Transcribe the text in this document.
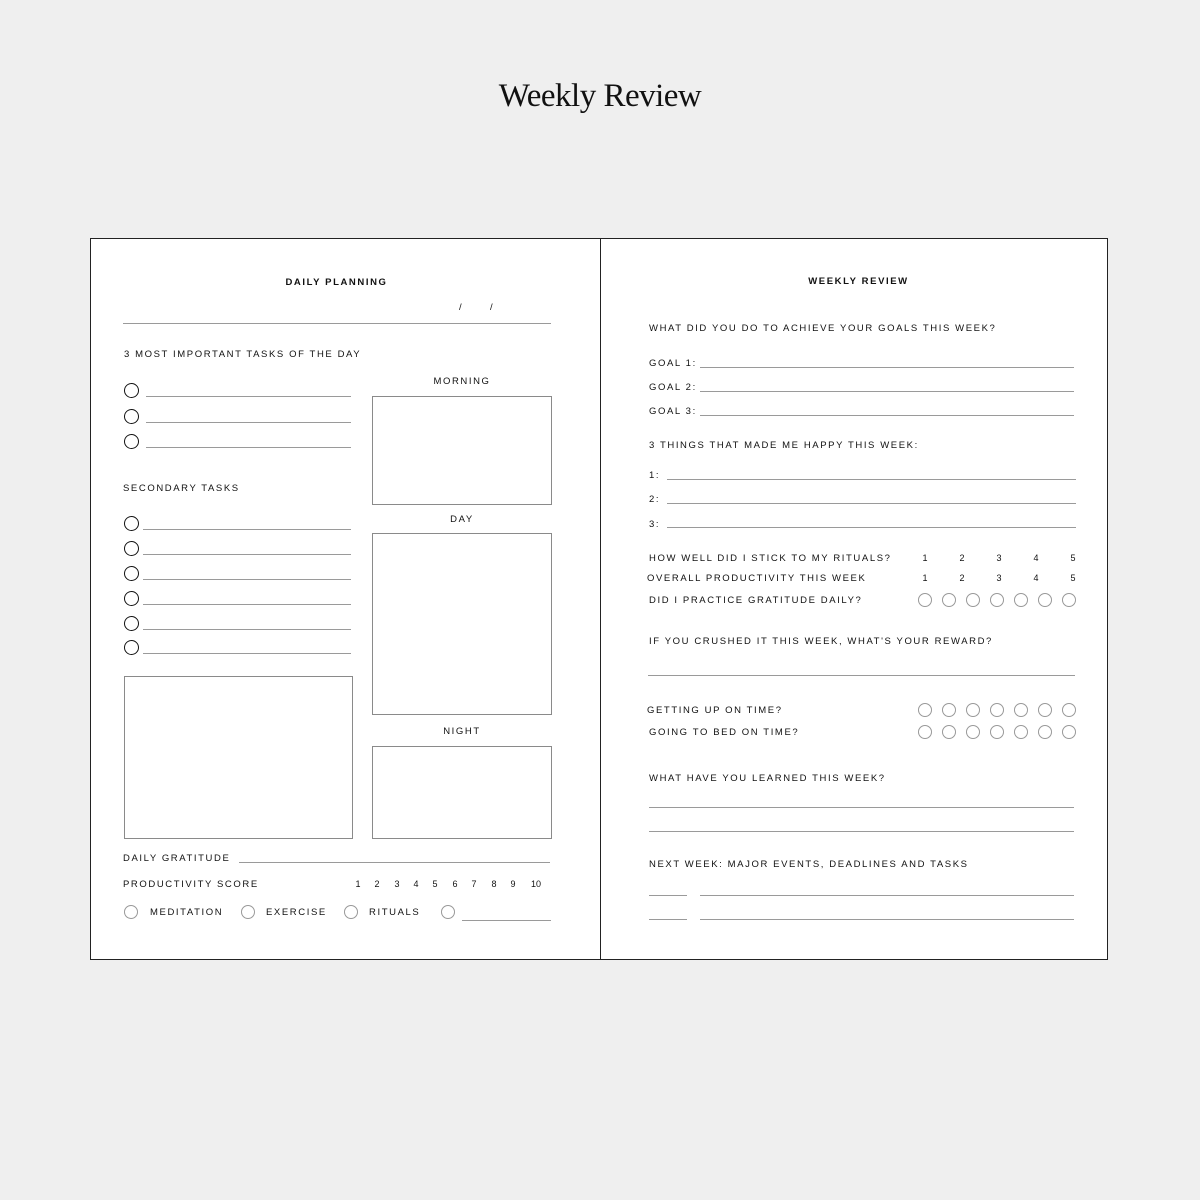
Weekly Review
DAILY PLANNING
/	/
3 MOST IMPORTANT TASKS OF THE DAY
SECONDARY TASKS
MORNING
DAY
NIGHT
DAILY GRATITUDE
PRODUCTIVITY SCORE	1	2	3	4	5	6	7	8	9	10
MEDITATION	EXERCISE	RITUALS
WEEKLY REVIEW
WHAT DID YOU DO TO ACHIEVE YOUR GOALS THIS WEEK?
GOAL 1:
GOAL 2:
GOAL 3:
3 THINGS THAT MADE ME HAPPY THIS WEEK:
1:
2:
3:
HOW WELL DID I STICK TO MY RITUALS?	1	2	3	4	5
OVERALL PRODUCTIVITY THIS WEEK	1	2	3	4	5
DID I PRACTICE GRATITUDE DAILY?
IF YOU CRUSHED IT THIS WEEK, WHAT'S YOUR REWARD?
GETTING UP ON TIME?
GOING TO BED ON TIME?
WHAT HAVE YOU LEARNED THIS WEEK?
NEXT WEEK: MAJOR EVENTS, DEADLINES AND TASKS
